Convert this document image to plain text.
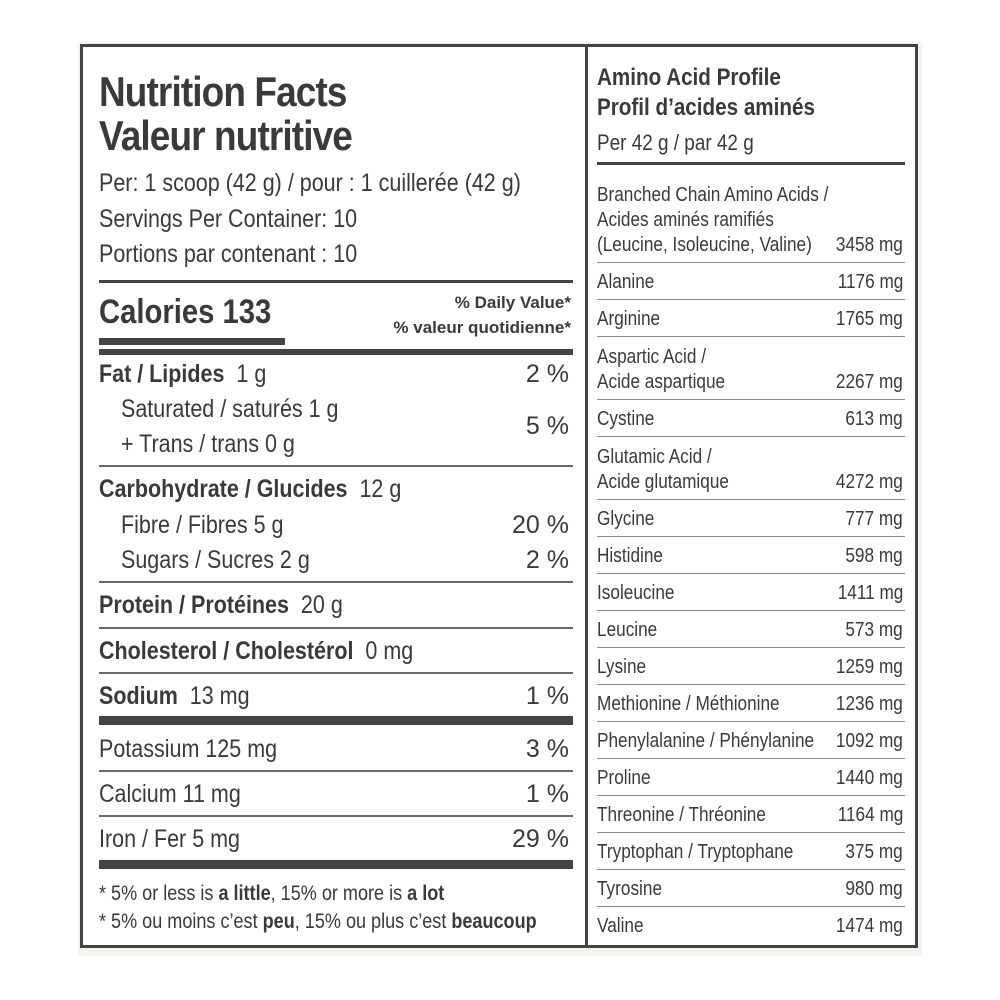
Nutrition Facts
Valeur nutritive
Per: 1 scoop (42 g) / pour : 1 cuillerée (42 g)
Servings Per Container: 10
Portions par contenant : 10
Calories 133	% Daily Value*
% valeur quotidienne*
Fat / Lipides 1 g	2 %
Saturated / saturés 1 g
+ Trans / trans 0 g
5 %
Carbohydrate / Glucides 12 g
Fibre / Fibres 5 g	20 %
Sugars / Sucres 2 g	2 %
Protein / Protéines 20 g
Cholesterol / Cholestérol 0 mg
Sodium 13 mg	1 %
Potassium 125 mg	3 %
Calcium 11 mg	1 %
Iron / Fer 5 mg	29 %
* 5% or less is a little, 15% or more is a lot
* 5% ou moins c’est peu, 15% ou plus c’est beaucoup
Amino Acid Profile
Profil d’acides aminés
Per 42 g / par 42 g
Branched Chain Amino Acids /
Acides aminés ramifiés
(Leucine, Isoleucine, Valine)	3458 mg
Alanine	1176 mg
Arginine	1765 mg
Aspartic Acid /
Acide aspartique	2267 mg
Cystine	613 mg
Glutamic Acid /
Acide glutamique	4272 mg
Glycine	777 mg
Histidine	598 mg
Isoleucine	1411 mg
Leucine	573 mg
Lysine	1259 mg
Methionine / Méthionine	1236 mg
Phenylalanine / Phénylanine	1092 mg
Proline	1440 mg
Threonine / Thréonine	1164 mg
Tryptophan / Tryptophane	375 mg
Tyrosine	980 mg
Valine	1474 mg
